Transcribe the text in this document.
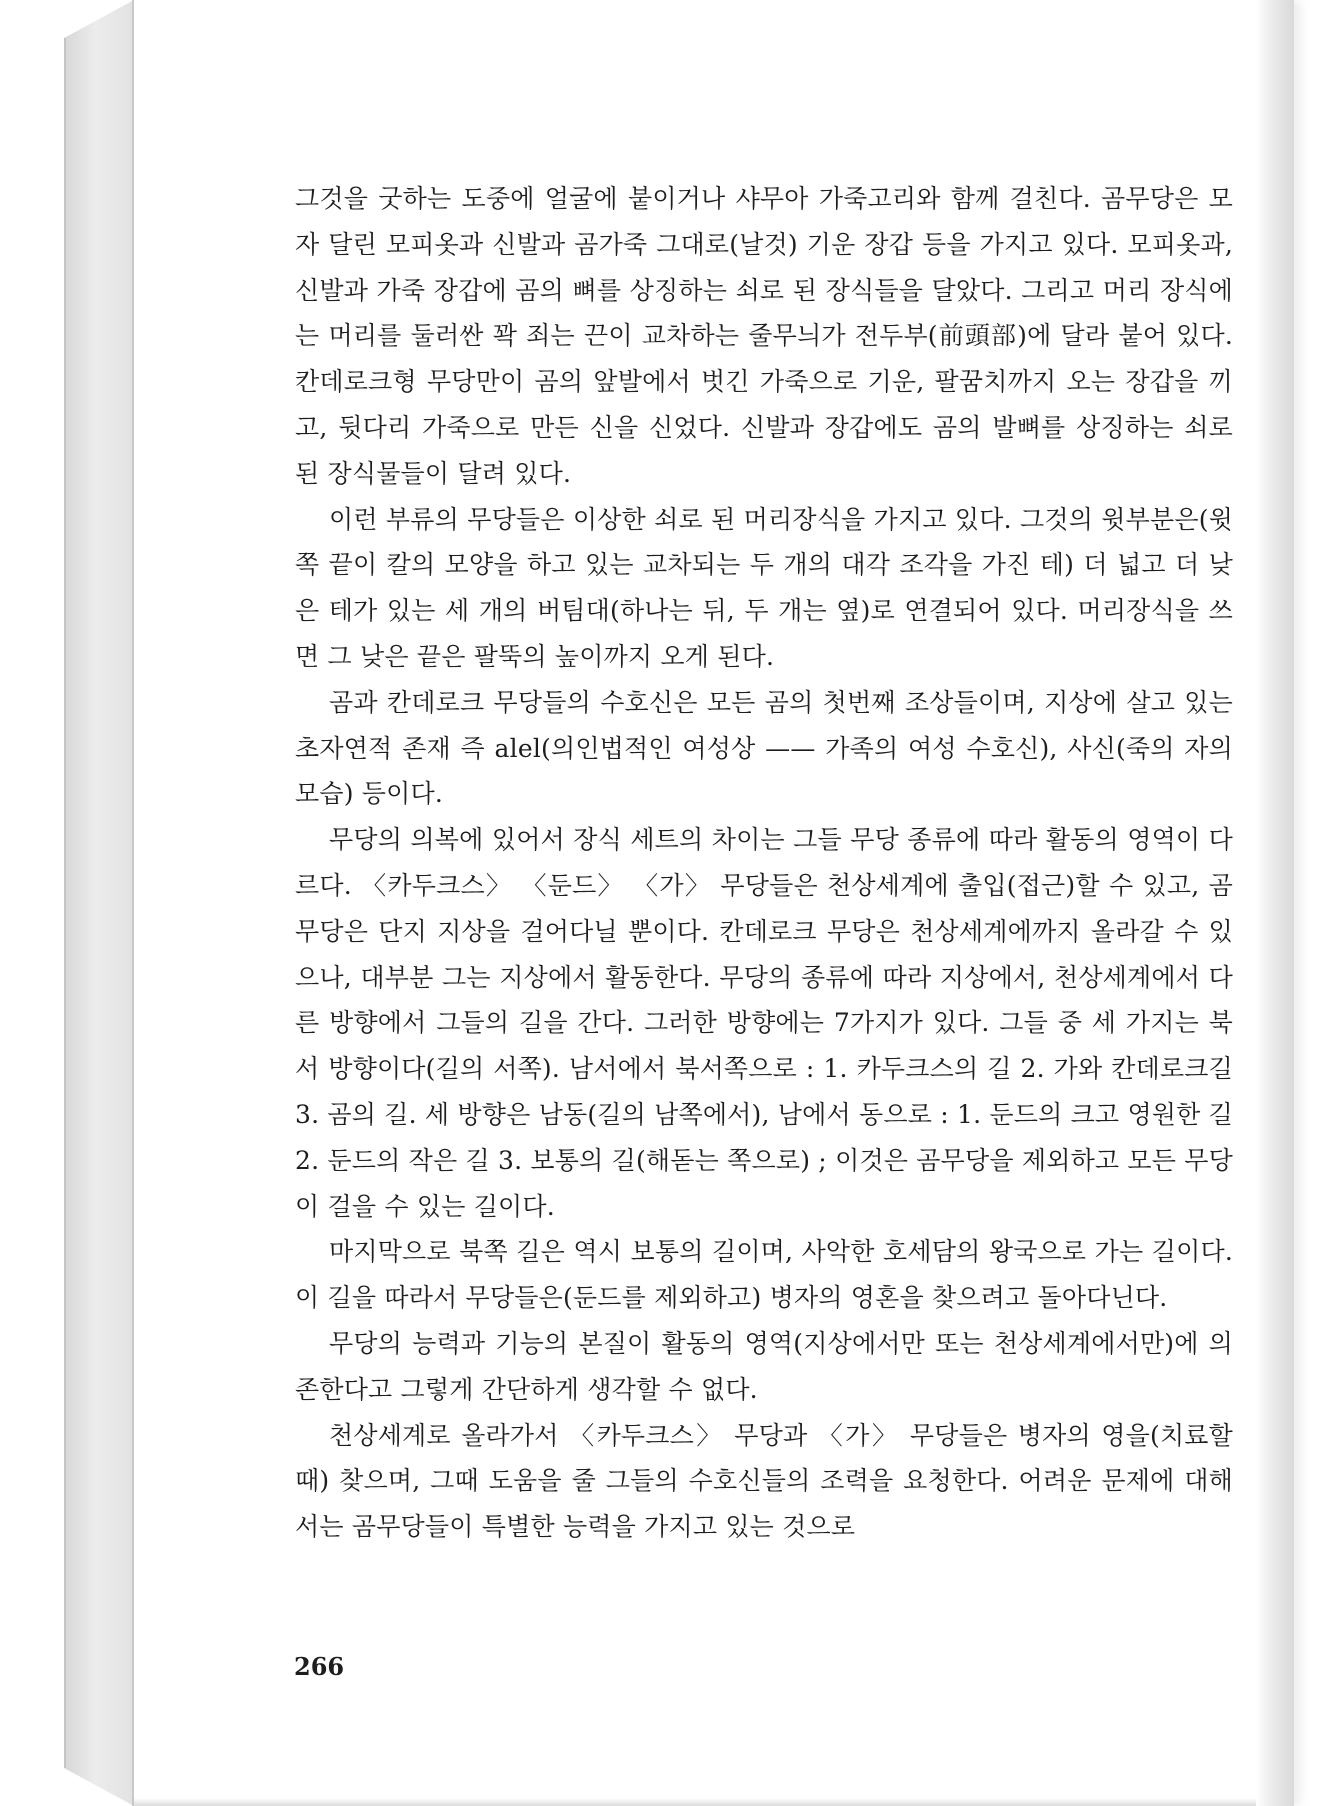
그것을 굿하는 도중에 얼굴에 붙이거나 샤무아 가죽고리와 함께 걸친다. 곰무당은 모자 달린 모피옷과 신발과 곰가죽 그대로(날것) 기운 장갑 등을 가지고 있다. 모피옷과, 신발과 가죽 장갑에 곰의 뼈를 상징하는 쇠로 된 장식들을 달았다. 그리고 머리 장식에는 머리를 둘러싼 꽉 죄는 끈이 교차하는 줄무늬가 전두부(前頭部)에 달라 붙어 있다. 칸데로크형 무당만이 곰의 앞발에서 벗긴 가죽으로 기운, 팔꿈치까지 오는 장갑을 끼고, 뒷다리 가죽으로 만든 신을 신었다. 신발과 장갑에도 곰의 발뼈를 상징하는 쇠로 된 장식물들이 달려 있다.

이런 부류의 무당들은 이상한 쇠로 된 머리장식을 가지고 있다. 그것의 윗부분은(윗쪽 끝이 칼의 모양을 하고 있는 교차되는 두 개의 대각 조각을 가진 테) 더 넓고 더 낮은 테가 있는 세 개의 버팀대(하나는 뒤, 두 개는 옆)로 연결되어 있다. 머리장식을 쓰면 그 낮은 끝은 팔뚝의 높이까지 오게 된다.

곰과 칸데로크 무당들의 수호신은 모든 곰의 첫번째 조상들이며, 지상에 살고 있는 초자연적 존재 즉 alel(의인법적인 여성상 —— 가족의 여성 수호신), 사신(죽의 자의 모습) 등이다.

무당의 의복에 있어서 장식 세트의 차이는 그들 무당 종류에 따라 활동의 영역이 다르다. 〈카두크스〉 〈둔드〉 〈가〉 무당들은 천상세계에 출입(접근)할 수 있고, 곰 무당은 단지 지상을 걸어다닐 뿐이다. 칸데로크 무당은 천상세계에까지 올라갈 수 있으나, 대부분 그는 지상에서 활동한다. 무당의 종류에 따라 지상에서, 천상세계에서 다른 방향에서 그들의 길을 간다. 그러한 방향에는 7가지가 있다. 그들 중 세 가지는 북서 방향이다(길의 서쪽). 남서에서 북서쪽으로 : 1. 카두크스의 길 2. 가와 칸데로크길 3. 곰의 길. 세 방향은 남동(길의 남쪽에서), 남에서 동으로 : 1. 둔드의 크고 영원한 길 2. 둔드의 작은 길 3. 보통의 길(해돋는 쪽으로) ; 이것은 곰무당을 제외하고 모든 무당이 걸을 수 있는 길이다.

마지막으로 북쪽 길은 역시 보통의 길이며, 사악한 호세담의 왕국으로 가는 길이다. 이 길을 따라서 무당들은(둔드를 제외하고) 병자의 영혼을 찾으려고 돌아다닌다.

무당의 능력과 기능의 본질이 활동의 영역(지상에서만 또는 천상세계에서만)에 의존한다고 그렇게 간단하게 생각할 수 없다.

천상세계로 올라가서 〈카두크스〉 무당과 〈가〉 무당들은 병자의 영을(치료할 때) 찾으며, 그때 도움을 줄 그들의 수호신들의 조력을 요청한다. 어려운 문제에 대해서는 곰무당들이 특별한 능력을 가지고 있는 것으로

266
